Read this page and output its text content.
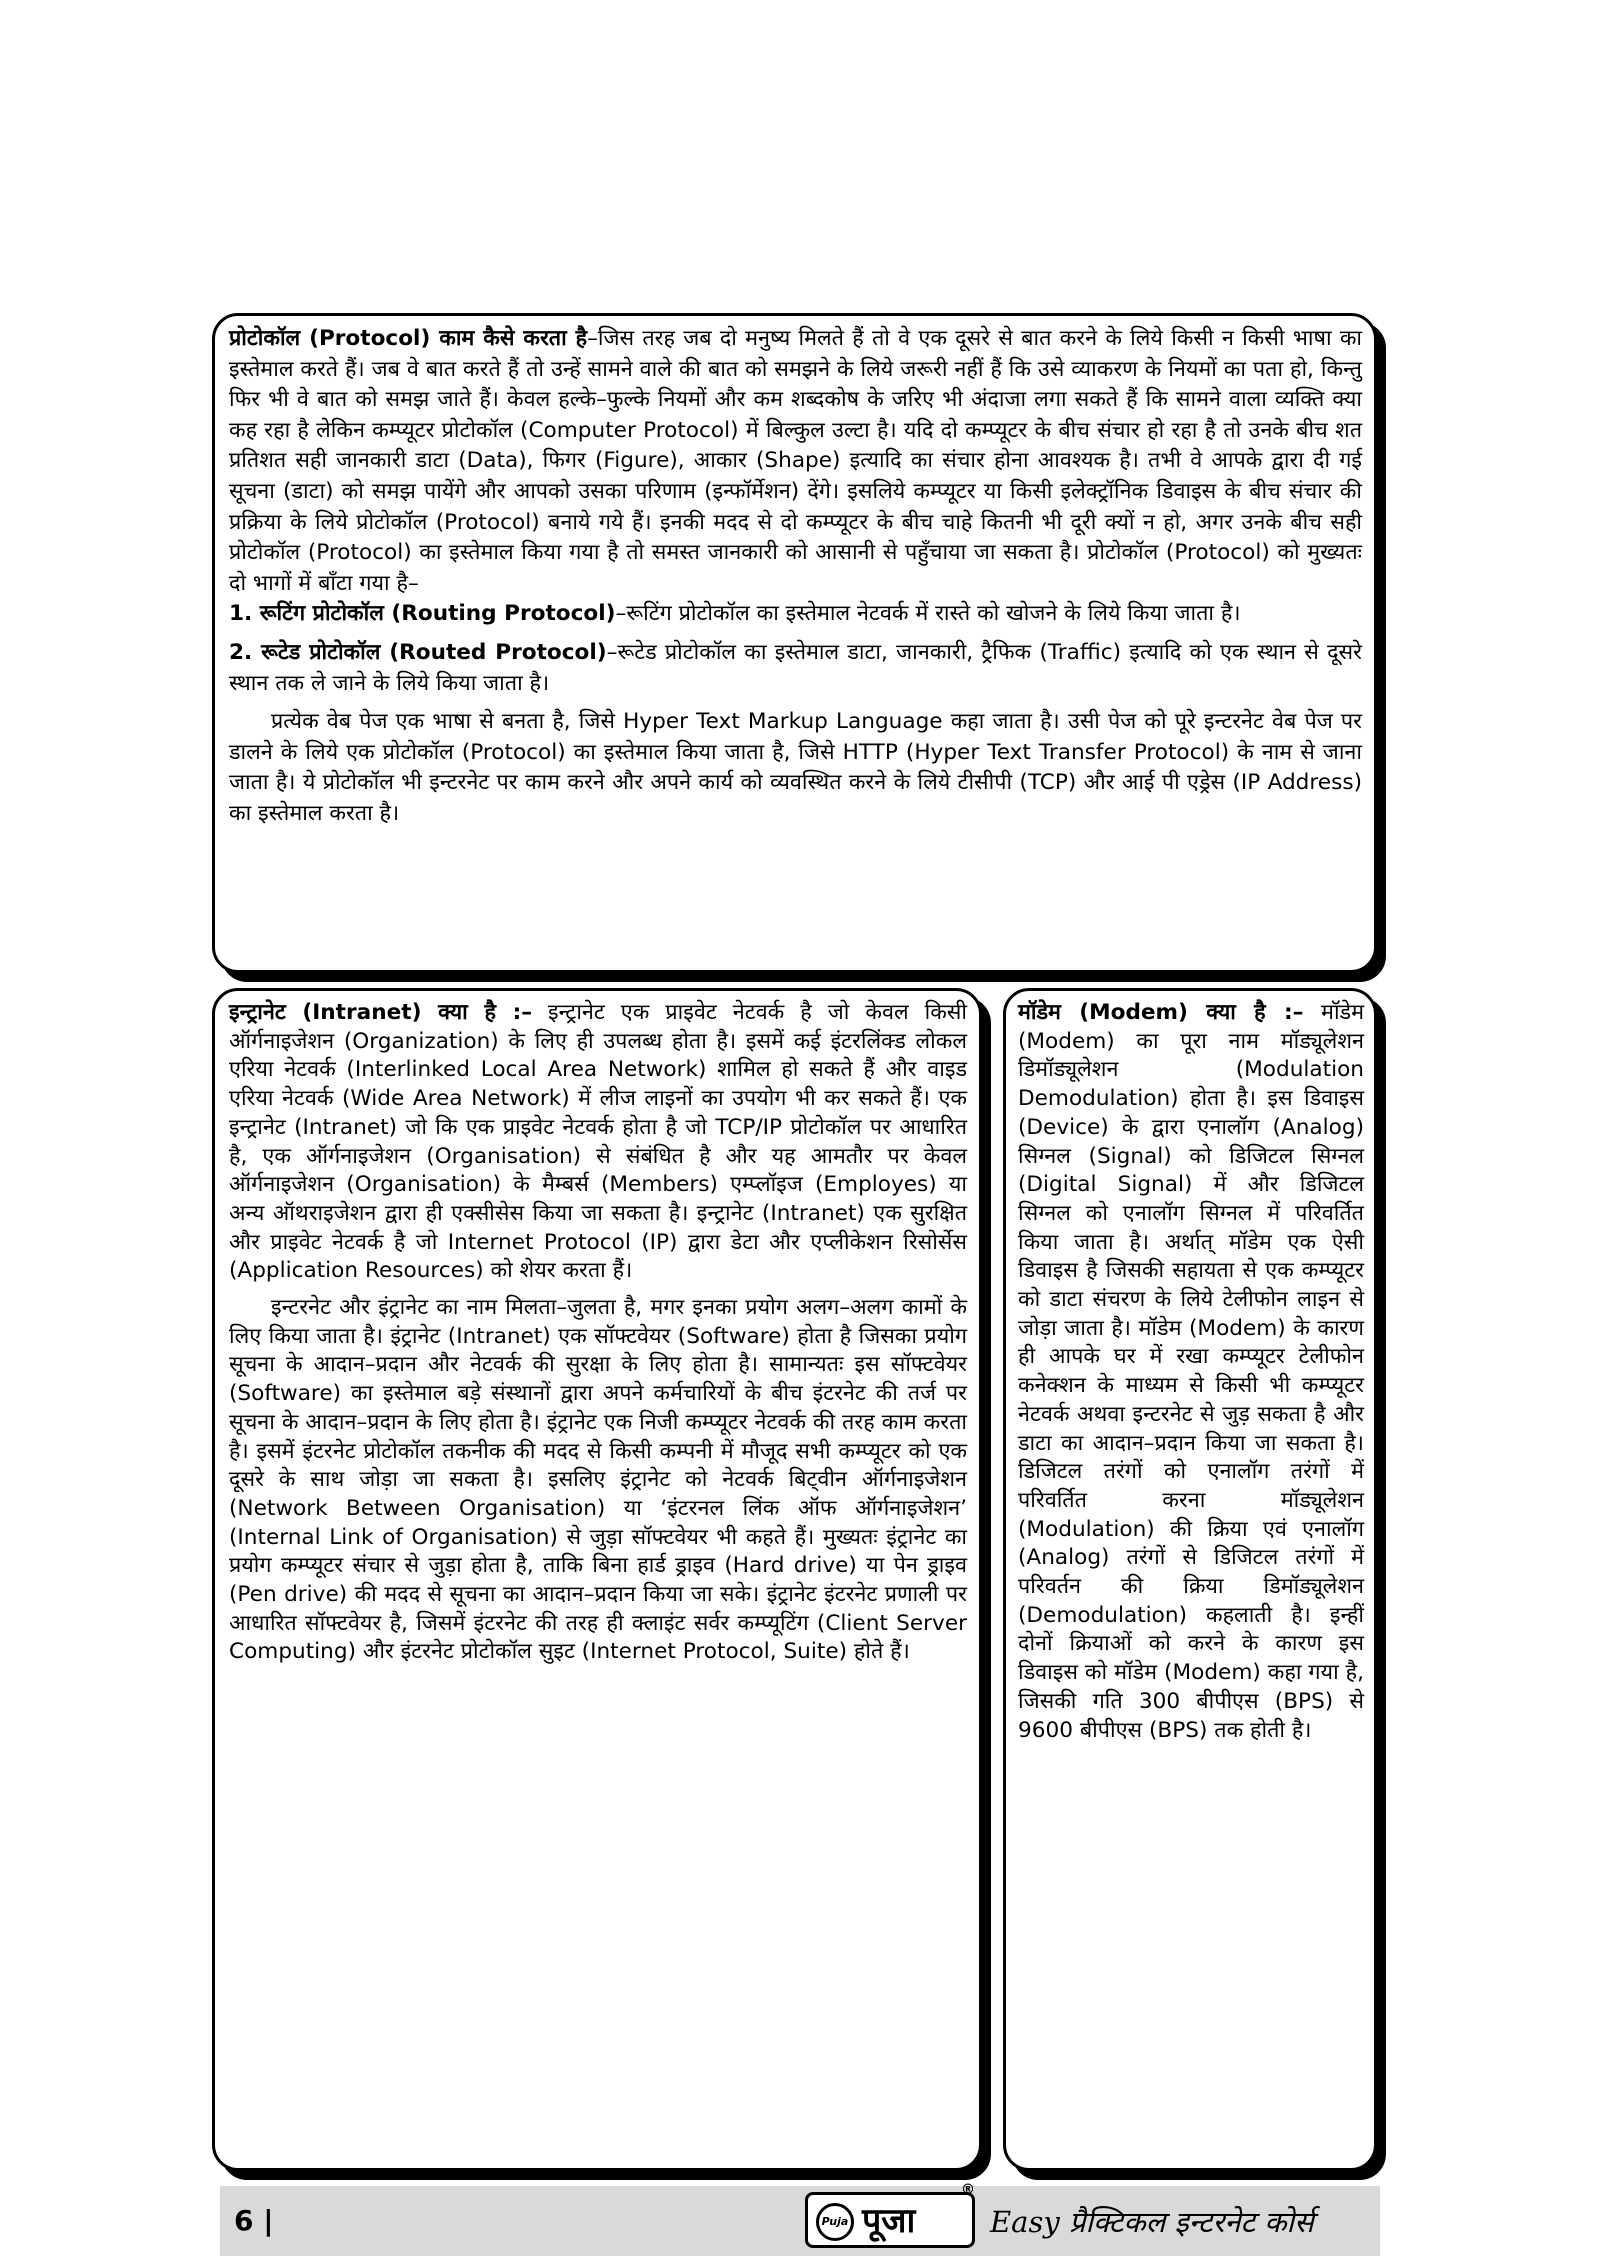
प्रोटोकॉल (Protocol) काम कैसे करता है–जिस तरह जब दो मनुष्य मिलते हैं तो वे एक दूसरे से बात करने के लिये किसी न किसी भाषा का इस्तेमाल करते हैं। जब वे बात करते हैं तो उन्हें सामने वाले की बात को समझने के लिये जरूरी नहीं हैं कि उसे व्याकरण के नियमों का पता हो, किन्तु फिर भी वे बात को समझ जाते हैं। केवल हल्के–फुल्के नियमों और कम शब्दकोष के जरिए भी अंदाजा लगा सकते हैं कि सामने वाला व्यक्ति क्या कह रहा है लेकिन कम्प्यूटर प्रोटोकॉल (Computer Protocol) में बिल्कुल उल्टा है। यदि दो कम्प्यूटर के बीच संचार हो रहा है तो उनके बीच शत प्रतिशत सही जानकारी डाटा (Data), फिगर (Figure), आकार (Shape) इत्यादि का संचार होना आवश्यक है। तभी वे आपके द्वारा दी गई सूचना (डाटा) को समझ पायेंगे और आपको उसका परिणाम (इन्फॉर्मेशन) देंगे। इसलिये कम्प्यूटर या किसी इलेक्ट्रॉनिक डिवाइस के बीच संचार की प्रक्रिया के लिये प्रोटोकॉल (Protocol) बनाये गये हैं। इनकी मदद से दो कम्प्यूटर के बीच चाहे कितनी भी दूरी क्यों न हो, अगर उनके बीच सही प्रोटोकॉल (Protocol) का इस्तेमाल किया गया है तो समस्त जानकारी को आसानी से पहुँचाया जा सकता है। प्रोटोकॉल (Protocol) को मुख्यतः दो भागों में बाँटा गया है–

1. रूटिंग प्रोटोकॉल (Routing Protocol)–रूटिंग प्रोटोकॉल का इस्तेमाल नेटवर्क में रास्ते को खोजने के लिये किया जाता है।

2. रूटेड प्रोटोकॉल (Routed Protocol)–रूटेड प्रोटोकॉल का इस्तेमाल डाटा, जानकारी, ट्रैफिक (Traffic) इत्यादि को एक स्थान से दूसरे स्थान तक ले जाने के लिये किया जाता है।

प्रत्येक वेब पेज एक भाषा से बनता है, जिसे Hyper Text Markup Language कहा जाता है। उसी पेज को पूरे इन्टरनेट वेब पेज पर डालने के लिये एक प्रोटोकॉल (Protocol) का इस्तेमाल किया जाता है, जिसे HTTP (Hyper Text Transfer Protocol) के नाम से जाना जाता है। ये प्रोटोकॉल भी इन्टरनेट पर काम करने और अपने कार्य को व्यवस्थित करने के लिये टीसीपी (TCP) और आई पी एड्रेस (IP Address) का इस्तेमाल करता है।

इन्ट्रानेट (Intranet) क्या है :– इन्ट्रानेट एक प्राइवेट नेटवर्क है जो केवल किसी ऑर्गनाइजेशन (Organization) के लिए ही उपलब्ध होता है। इसमें कई इंटरलिंक्ड लोकल एरिया नेटवर्क (Interlinked Local Area Network) शामिल हो सकते हैं और वाइड एरिया नेटवर्क (Wide Area Network) में लीज लाइनों का उपयोग भी कर सकते हैं। एक इन्ट्रानेट (Intranet) जो कि एक प्राइवेट नेटवर्क होता है जो TCP/IP प्रोटोकॉल पर आधारित है, एक ऑर्गनाइजेशन (Organisation) से संबंधित है और यह आमतौर पर केवल ऑर्गनाइजेशन (Organisation) के मैम्बर्स (Members) एम्प्लॉइज (Employes) या अन्य ऑथराइजेशन द्वारा ही एक्सीसेस किया जा सकता है। इन्ट्रानेट (Intranet) एक सुरक्षित और प्राइवेट नेटवर्क है जो Internet Protocol (IP) द्वारा डेटा और एप्लीकेशन रिसोर्सेस (Application Resources) को शेयर करता हैं।

इन्टरनेट और इंट्रानेट का नाम मिलता–जुलता है, मगर इनका प्रयोग अलग–अलग कामों के लिए किया जाता है। इंट्रानेट (Intranet) एक सॉफ्टवेयर (Software) होता है जिसका प्रयोग सूचना के आदान–प्रदान और नेटवर्क की सुरक्षा के लिए होता है। सामान्यतः इस सॉफ्टवेयर (Software) का इस्तेमाल बड़े संस्थानों द्वारा अपने कर्मचारियों के बीच इंटरनेट की तर्ज पर सूचना के आदान–प्रदान के लिए होता है। इंट्रानेट एक निजी कम्प्यूटर नेटवर्क की तरह काम करता है। इसमें इंटरनेट प्रोटोकॉल तकनीक की मदद से किसी कम्पनी में मौजूद सभी कम्प्यूटर को एक दूसरे के साथ जोड़ा जा सकता है। इसलिए इंट्रानेट को नेटवर्क बिट्वीन ऑर्गनाइजेशन (Network Between Organisation) या ‘इंटरनल लिंक ऑफ ऑर्गनाइजेशन’ (Internal Link of Organisation) से जुड़ा सॉफ्टवेयर भी कहते हैं। मुख्यतः इंट्रानेट का प्रयोग कम्प्यूटर संचार से जुड़ा होता है, ताकि बिना हार्ड ड्राइव (Hard drive) या पेन ड्राइव (Pen drive) की मदद से सूचना का आदान–प्रदान किया जा सके। इंट्रानेट इंटरनेट प्रणाली पर आधारित सॉफ्टवेयर है, जिसमें इंटरनेट की तरह ही क्लाइंट सर्वर कम्प्यूटिंग (Client Server Computing) और इंटरनेट प्रोटोकॉल सुइट (Internet Protocol, Suite) होते हैं।

मॉडेम (Modem) क्या है :– मॉडेम (Modem) का पूरा नाम मॉड्यूलेशन डिमॉड्यूलेशन (Modulation Demodulation) होता है। इस डिवाइस (Device) के द्वारा एनालॉग (Analog) सिग्नल (Signal) को डिजिटल सिग्नल (Digital Signal) में और डिजिटल सिग्नल को एनालॉग सिग्नल में परिवर्तित किया जाता है। अर्थात् मॉडेम एक ऐसी डिवाइस है जिसकी सहायता से एक कम्प्यूटर को डाटा संचरण के लिये टेलीफोन लाइन से जोड़ा जाता है। मॉडेम (Modem) के कारण ही आपके घर में रखा कम्प्यूटर टेलीफोन कनेक्शन के माध्यम से किसी भी कम्प्यूटर नेटवर्क अथवा इन्टरनेट से जुड़ सकता है और डाटा का आदान–प्रदान किया जा सकता है। डिजिटल तरंगों को एनालॉग तरंगों में परिवर्तित करना मॉड्यूलेशन (Modulation) की क्रिया एवं एनालॉग (Analog) तरंगों से डिजिटल तरंगों में परिवर्तन की क्रिया डिमॉड्यूलेशन (Demodulation) कहलाती है। इन्हीं दोनों क्रियाओं को करने के कारण इस डिवाइस को मॉडेम (Modem) कहा गया है, जिसकी गति 300 बीपीएस (BPS) से 9600 बीपीएस (BPS) तक होती है।

6 |	Puja पूजा
®
Easy प्रैक्टिकल इन्टरनेट कोर्स
